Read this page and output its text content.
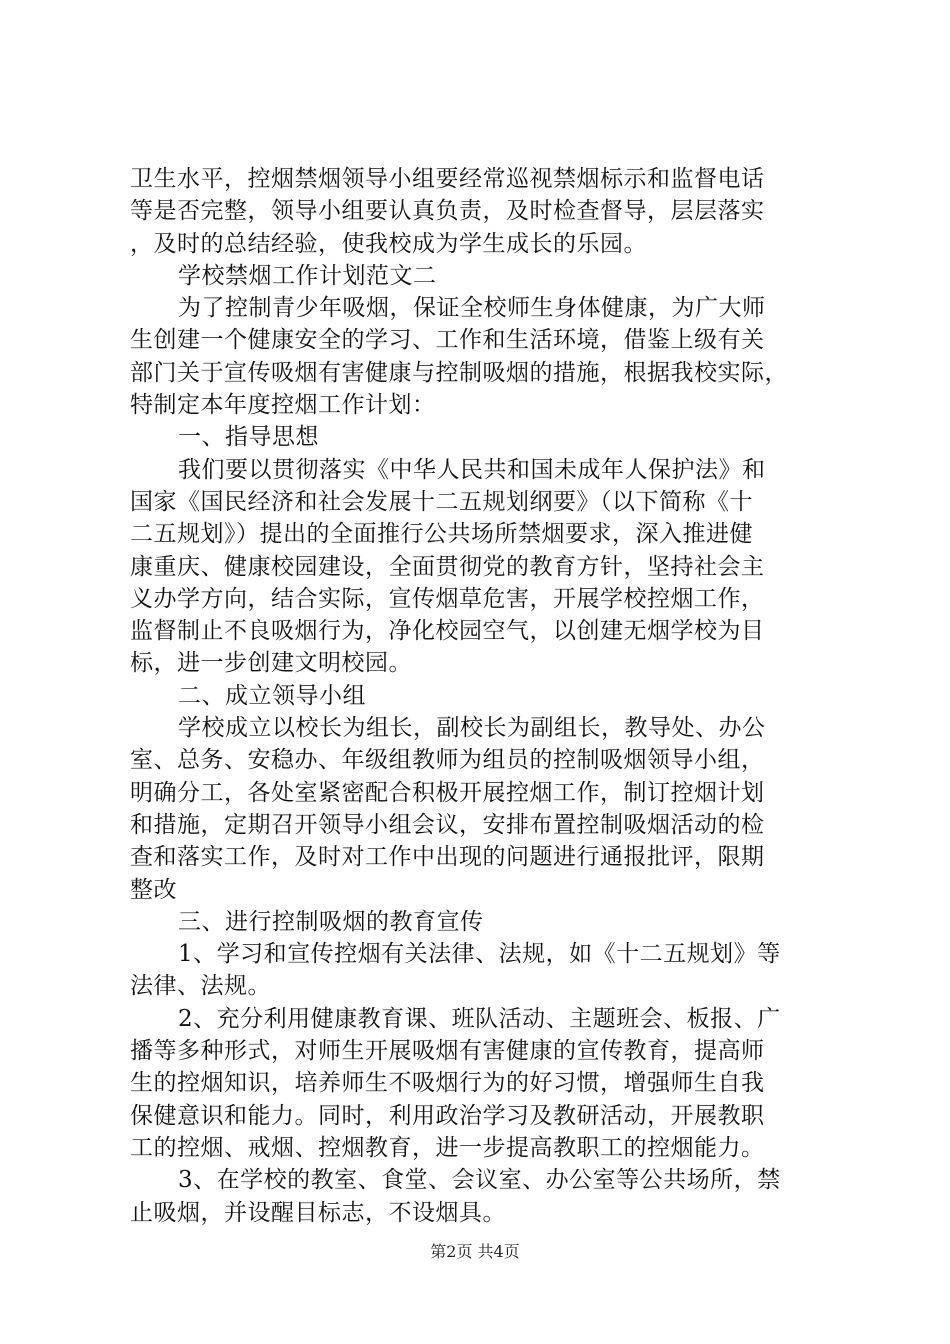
卫生水平，控烟禁烟领导小组要经常巡视禁烟标示和监督电话
等是否完整，领导小组要认真负责，及时检查督导，层层落实
，及时的总结经验，使我校成为学生成长的乐园。
学校禁烟工作计划范文二
为了控制青少年吸烟，保证全校师生身体健康，为广大师
生创建一个健康安全的学习、工作和生活环境，借鉴上级有关
部门关于宣传吸烟有害健康与控制吸烟的措施，根据我校实际，
特制定本年度控烟工作计划：
一、指导思想
我们要以贯彻落实《中华人民共和国未成年人保护法》和
国家《国民经济和社会发展十二五规划纲要》（以下简称《十
二五规划》）提出的全面推行公共场所禁烟要求，深入推进健
康重庆、健康校园建设，全面贯彻党的教育方针，坚持社会主
义办学方向，结合实际，宣传烟草危害，开展学校控烟工作，
监督制止不良吸烟行为，净化校园空气，以创建无烟学校为目
标，进一步创建文明校园。
二、成立领导小组
学校成立以校长为组长，副校长为副组长，教导处、办公
室、总务、安稳办、年级组教师为组员的控制吸烟领导小组，
明确分工，各处室紧密配合积极开展控烟工作，制订控烟计划
和措施，定期召开领导小组会议，安排布置控制吸烟活动的检
查和落实工作，及时对工作中出现的问题进行通报批评，限期
整改
三、进行控制吸烟的教育宣传
1、学习和宣传控烟有关法律、法规，如《十二五规划》等
法律、法规。
2、充分利用健康教育课、班队活动、主题班会、板报、广
播等多种形式，对师生开展吸烟有害健康的宣传教育，提高师
生的控烟知识，培养师生不吸烟行为的好习惯，增强师生自我
保健意识和能力。同时，利用政治学习及教研活动，开展教职
工的控烟、戒烟、控烟教育，进一步提高教职工的控烟能力。
3、在学校的教室、食堂、会议室、办公室等公共场所，禁
止吸烟，并设醒目标志，不设烟具。
第2页 共4页
